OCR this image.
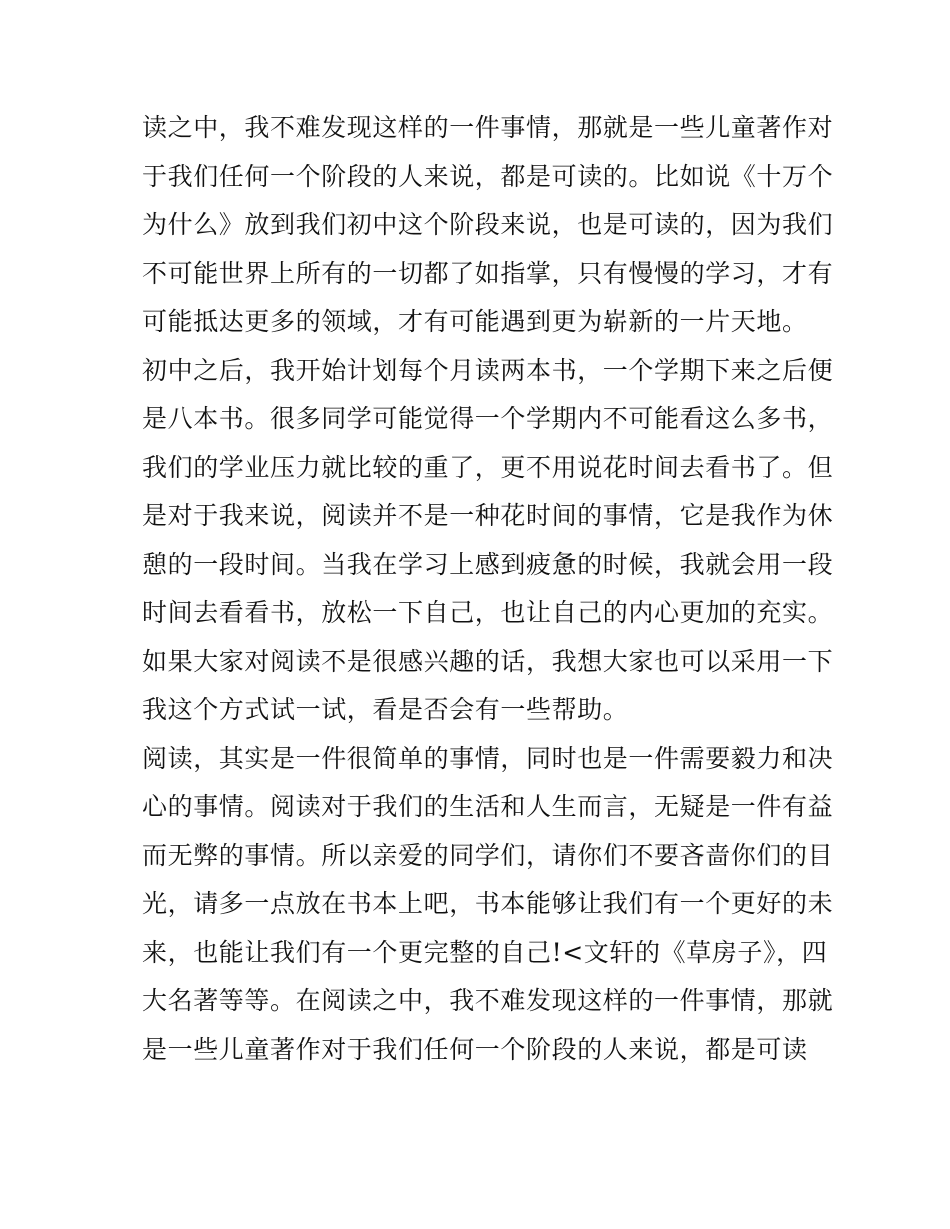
读之中，我不难发现这样的一件事情，那就是一些儿童著作对
于我们任何一个阶段的人来说，都是可读的。比如说《十万个
为什么》放到我们初中这个阶段来说，也是可读的，因为我们
不可能世界上所有的一切都了如指掌，只有慢慢的学习，才有
可能抵达更多的领域，才有可能遇到更为崭新的一片天地。
初中之后，我开始计划每个月读两本书，一个学期下来之后便
是八本书。很多同学可能觉得一个学期内不可能看这么多书，
我们的学业压力就比较的重了，更不用说花时间去看书了。但
是对于我来说，阅读并不是一种花时间的事情，它是我作为休
憩的一段时间。当我在学习上感到疲惫的时候，我就会用一段
时间去看看书，放松一下自己，也让自己的内心更加的充实。
如果大家对阅读不是很感兴趣的话，我想大家也可以采用一下
我这个方式试一试，看是否会有一些帮助。
阅读，其实是一件很简单的事情，同时也是一件需要毅力和决
心的事情。阅读对于我们的生活和人生而言，无疑是一件有益
而无弊的事情。所以亲爱的同学们，请你们不要吝啬你们的目
光，请多一点放在书本上吧，书本能够让我们有一个更好的未
来，也能让我们有一个更完整的自己!<文轩的《草房子》，四
大名著等等。在阅读之中，我不难发现这样的一件事情，那就
是一些儿童著作对于我们任何一个阶段的人来说，都是可读
